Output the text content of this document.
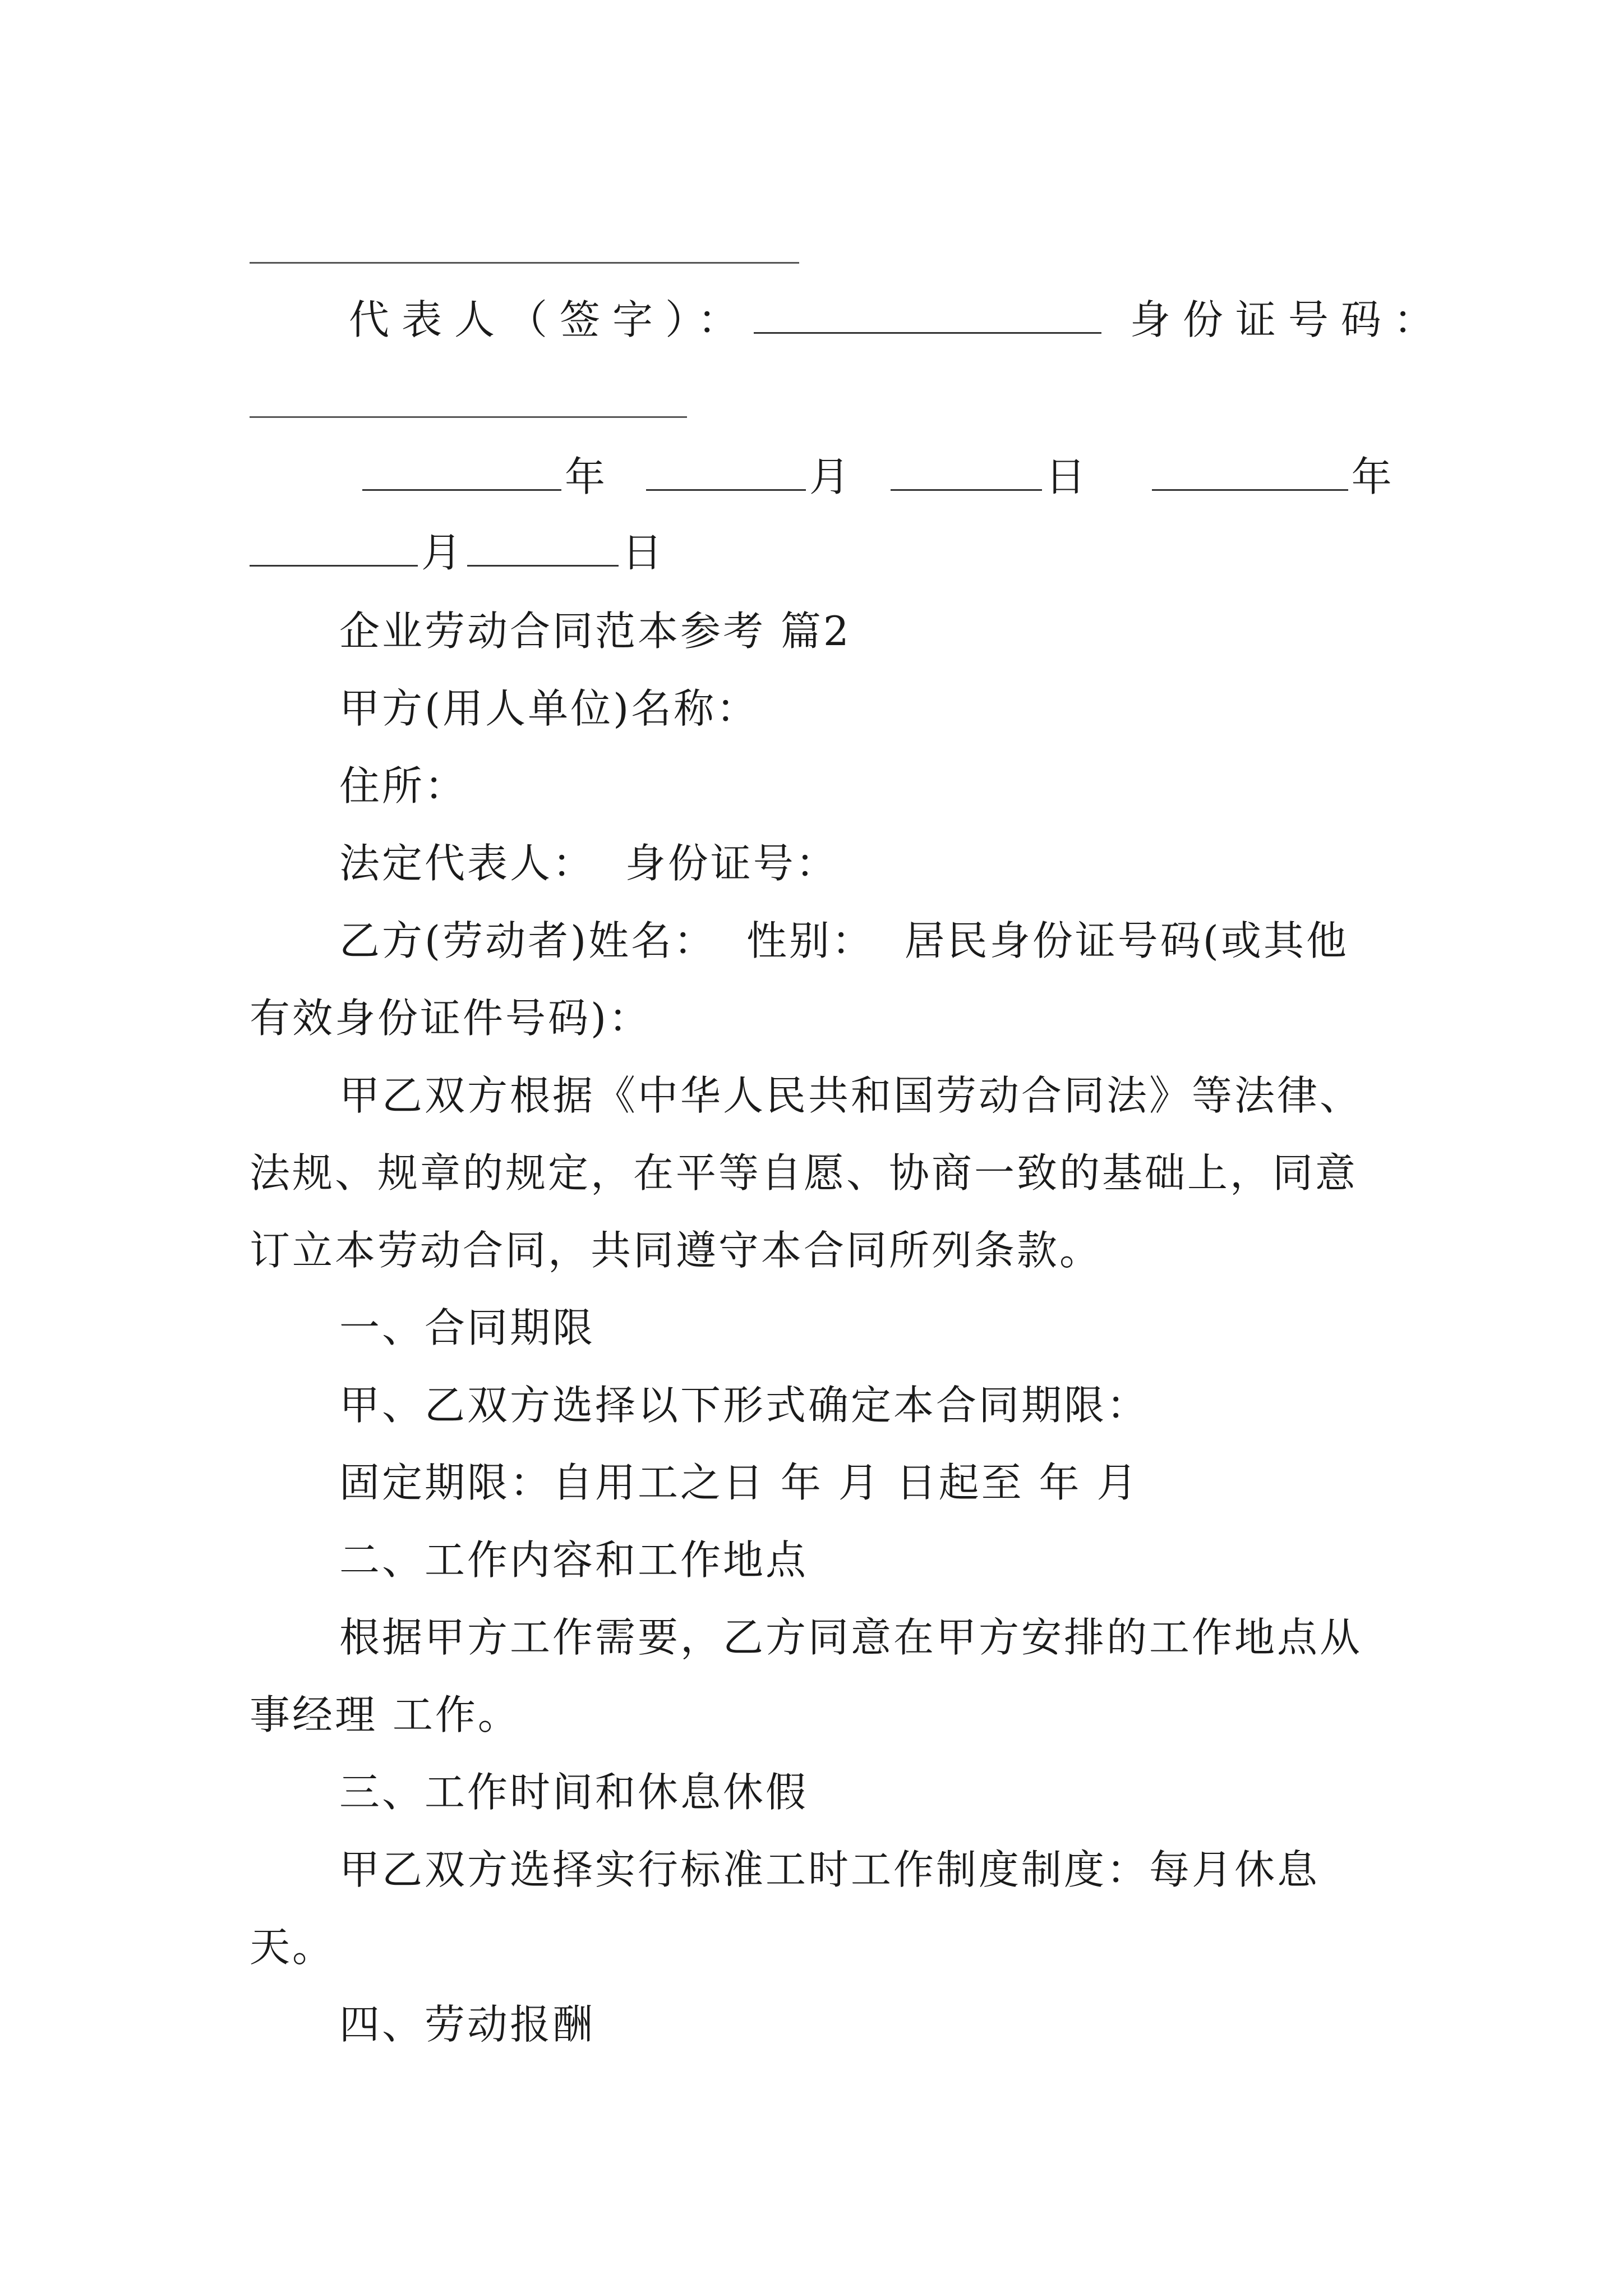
代表人（签字）：	身份证号码：

年	月	日	年

月	日

企业劳动合同范本参考 篇2

甲方(用人单位)名称：

住所：

法定代表人： 身份证号：

乙方(劳动者)姓名： 性别： 居民身份证号码(或其他

有效身份证件号码)：

甲乙双方根据《中华人民共和国劳动合同法》等法律、

法规、规章的规定，在平等自愿、协商一致的基础上，同意

订立本劳动合同，共同遵守本合同所列条款。

一、合同期限

甲、乙双方选择以下形式确定本合同期限：

固定期限：自用工之日 年 月 日起至 年 月

二、工作内容和工作地点

根据甲方工作需要，乙方同意在甲方安排的工作地点从

事经理 工作。

三、工作时间和休息休假

甲乙双方选择实行标准工时工作制度制度：每月休息

天。

四、劳动报酬
